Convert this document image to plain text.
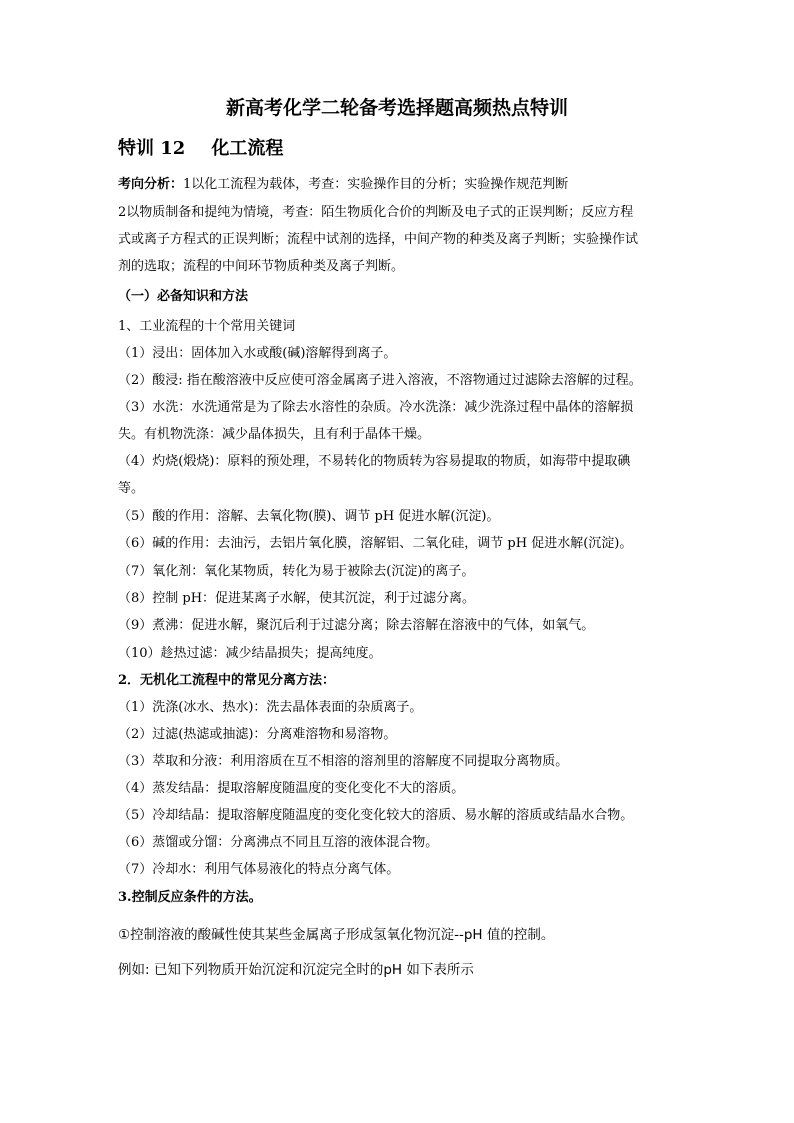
新高考化学二轮备考选择题高频热点特训
特训 12 化工流程

考向分析：1以化工流程为载体，考查：实验操作目的分析；实验操作规范判断

2以物质制备和提纯为情境，考查：陌生物质化合价的判断及电子式的正误判断；反应方程

式或离子方程式的正误判断；流程中试剂的选择，中间产物的种类及离子判断；实验操作试

剂的选取；流程的中间环节物质种类及离子判断。

（一）必备知识和方法

1、工业流程的十个常用关键词

（1）浸出：固体加入水或酸(碱)溶解得到离子。

（2）酸浸: 指在酸溶液中反应使可溶金属离子进入溶液，不溶物通过过滤除去溶解的过程。

（3）水洗：水洗通常是为了除去水溶性的杂质。冷水洗涤：减少洗涤过程中晶体的溶解损

失。有机物洗涤：减少晶体损失，且有利于晶体干燥。

（4）灼烧(煅烧)：原料的预处理，不易转化的物质转为容易提取的物质，如海带中提取碘

等。

（5）酸的作用：溶解、去氧化物(膜)、调节 pH 促进水解(沉淀)。

（6）碱的作用：去油污，去铝片氧化膜，溶解铝、二氧化硅，调节 pH 促进水解(沉淀)。

（7）氧化剂：氧化某物质，转化为易于被除去(沉淀)的离子。

（8）控制 pH：促进某离子水解，使其沉淀，利于过滤分离。

（9）煮沸：促进水解，聚沉后利于过滤分离；除去溶解在溶液中的气体，如氧气。

（10）趁热过滤：减少结晶损失；提高纯度。

2．无机化工流程中的常见分离方法：

（1）洗涤(冰水、热水)：洗去晶体表面的杂质离子。

（2）过滤(热滤或抽滤)：分离难溶物和易溶物。

（3）萃取和分液：利用溶质在互不相溶的溶剂里的溶解度不同提取分离物质。

（4）蒸发结晶：提取溶解度随温度的变化变化不大的溶质。

（5）冷却结晶：提取溶解度随温度的变化变化较大的溶质、易水解的溶质或结晶水合物。

（6）蒸馏或分馏：分离沸点不同且互溶的液体混合物。

（7）冷却水：利用气体易液化的特点分离气体。

3.控制反应条件的方法。

①控制溶液的酸碱性使其某些金属离子形成氢氧化物沉淀--pH 值的控制。

例如: 已知下列物质开始沉淀和沉淀完全时的pH 如下表所示
